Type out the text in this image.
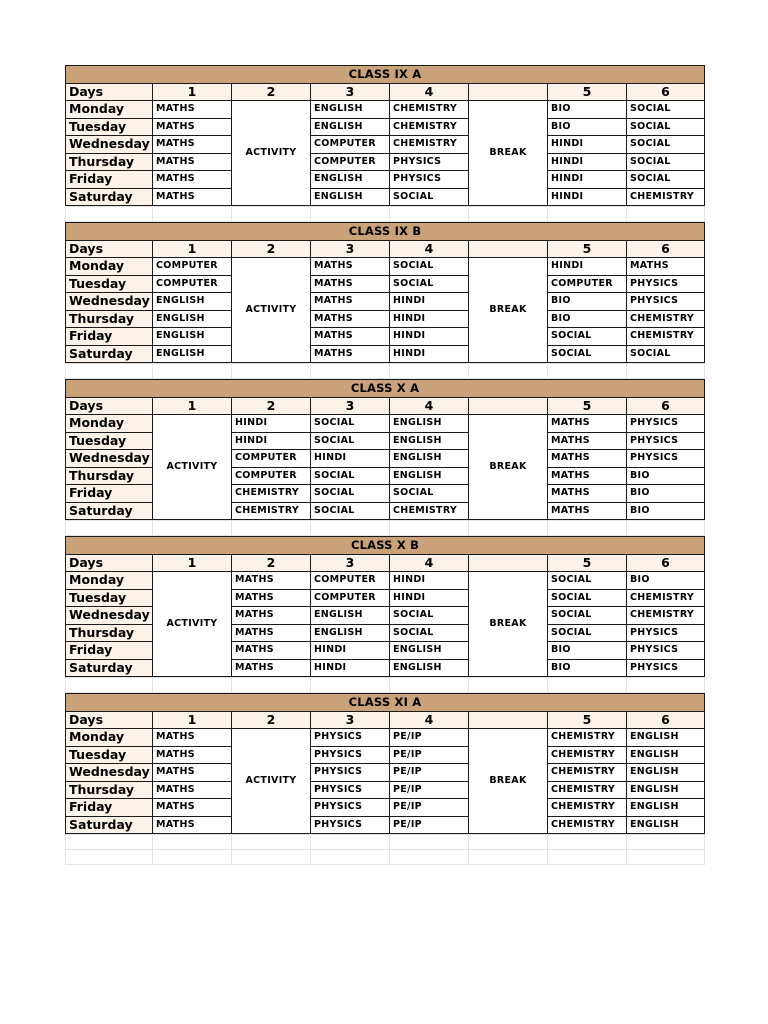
CLASS IX A							
Days	1	2	3	4		5	6
Monday	MATHS	ACTIVITY	ENGLISH	CHEMISTRY	BREAK	BIO	SOCIAL
Tuesday	MATHS		ENGLISH	CHEMISTRY		BIO	SOCIAL
Wednesday	MATHS		COMPUTER	CHEMISTRY		HINDI	SOCIAL
Thursday	MATHS		COMPUTER	PHYSICS		HINDI	SOCIAL
Friday	MATHS		ENGLISH	PHYSICS		HINDI	SOCIAL
Saturday	MATHS		ENGLISH	SOCIAL		HINDI	CHEMISTRY

CLASS IX B							
Days	1	2	3	4		5	6
Monday	COMPUTER	ACTIVITY	MATHS	SOCIAL	BREAK	HINDI	MATHS
Tuesday	COMPUTER		MATHS	SOCIAL		COMPUTER	PHYSICS
Wednesday	ENGLISH		MATHS	HINDI		BIO	PHYSICS
Thursday	ENGLISH		MATHS	HINDI		BIO	CHEMISTRY
Friday	ENGLISH		MATHS	HINDI		SOCIAL	CHEMISTRY
Saturday	ENGLISH		MATHS	HINDI		SOCIAL	SOCIAL

CLASS X A							
Days	1	2	3	4		5	6
Monday	ACTIVITY	HINDI	SOCIAL	ENGLISH	BREAK	MATHS	PHYSICS
Tuesday		HINDI	SOCIAL	ENGLISH		MATHS	PHYSICS
Wednesday		COMPUTER	HINDI	ENGLISH		MATHS	PHYSICS
Thursday		COMPUTER	SOCIAL	ENGLISH		MATHS	BIO
Friday		CHEMISTRY	SOCIAL	SOCIAL		MATHS	BIO
Saturday		CHEMISTRY	SOCIAL	CHEMISTRY		MATHS	BIO

CLASS X B							
Days	1	2	3	4		5	6
Monday	ACTIVITY	MATHS	COMPUTER	HINDI	BREAK	SOCIAL	BIO
Tuesday		MATHS	COMPUTER	HINDI		SOCIAL	CHEMISTRY
Wednesday		MATHS	ENGLISH	SOCIAL		SOCIAL	CHEMISTRY
Thursday		MATHS	ENGLISH	SOCIAL		SOCIAL	PHYSICS
Friday		MATHS	HINDI	ENGLISH		BIO	PHYSICS
Saturday		MATHS	HINDI	ENGLISH		BIO	PHYSICS

CLASS XI A							
Days	1	2	3	4		5	6
Monday	MATHS	ACTIVITY	PHYSICS	PE/IP	BREAK	CHEMISTRY	ENGLISH
Tuesday	MATHS		PHYSICS	PE/IP		CHEMISTRY	ENGLISH
Wednesday	MATHS		PHYSICS	PE/IP		CHEMISTRY	ENGLISH
Thursday	MATHS		PHYSICS	PE/IP		CHEMISTRY	ENGLISH
Friday	MATHS		PHYSICS	PE/IP		CHEMISTRY	ENGLISH
Saturday	MATHS		PHYSICS	PE/IP		CHEMISTRY	ENGLISH
